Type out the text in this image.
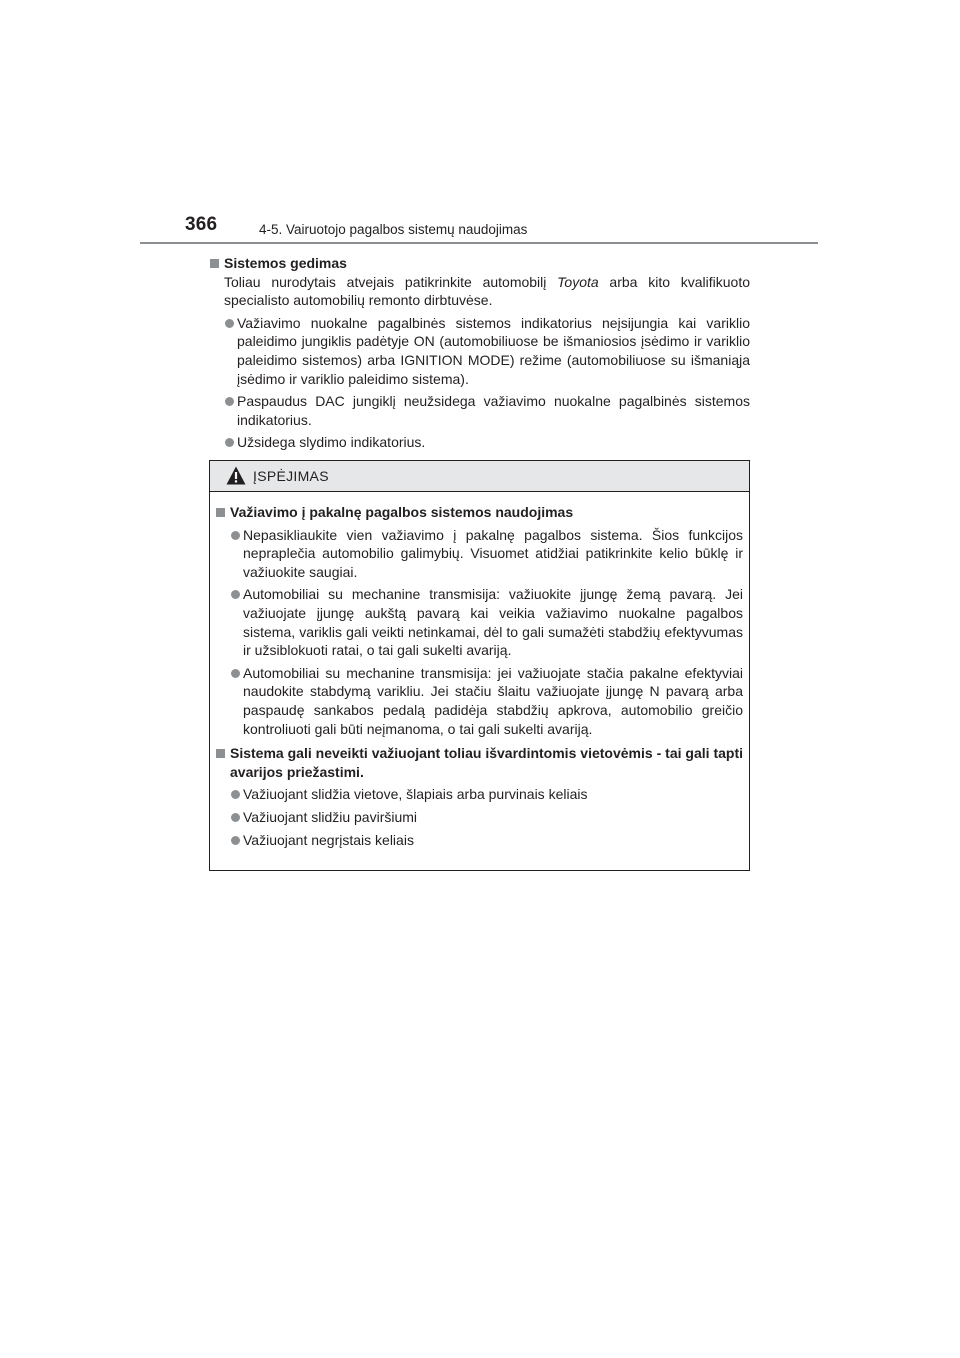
366	4-5. Vairuotojo pagalbos sistemų naudojimas
Sistemos gedimas
Toliau nurodytais atvejais patikrinkite automobilį Toyota arba kito kvalifikuoto specialisto automobilių remonto dirbtuvėse.
Važiavimo nuokalne pagalbinės sistemos indikatorius neįsijungia kai variklio paleidimo jungiklis padėtyje ON (automobiliuose be išmaniosios įsėdimo ir variklio paleidimo sistemos) arba IGNITION MODE) režime (automobiliuose su išmaniąja įsėdimo ir variklio paleidimo sistema).
Paspaudus DAC jungiklį neužsidega važiavimo nuokalne pagalbinės sistemos indikatorius.
Užsidega slydimo indikatorius.
ĮSPĖJIMAS
Važiavimo į pakalnę pagalbos sistemos naudojimas
Nepasikliaukite vien važiavimo į pakalnę pagalbos sistema. Šios funkcijos nepraplečia automobilio galimybių. Visuomet atidžiai patikrinkite kelio būklę ir važiuokite saugiai.
Automobiliai su mechanine transmisija: važiuokite įjungę žemą pavarą. Jei važiuojate įjungę aukštą pavarą kai veikia važiavimo nuokalne pagalbos sistema, variklis gali veikti netinkamai, dėl to gali sumažėti stabdžių efektyvumas ir užsiblokuoti ratai, o tai gali sukelti avariją.
Automobiliai su mechanine transmisija: jei važiuojate stačia pakalne efektyviai naudokite stabdymą varikliu. Jei stačiu šlaitu važiuojate įjungę N pavarą arba paspaudę sankabos pedalą padidėja stabdžių apkrova, automobilio greičio kontroliuoti gali būti neįmanoma, o tai gali sukelti avariją.
Sistema gali neveikti važiuojant toliau išvardintomis vietovėmis - tai gali tapti avarijos priežastimi.
Važiuojant slidžia vietove, šlapiais arba purvinais keliais
Važiuojant slidžiu paviršiumi
Važiuojant negrįstais keliais
